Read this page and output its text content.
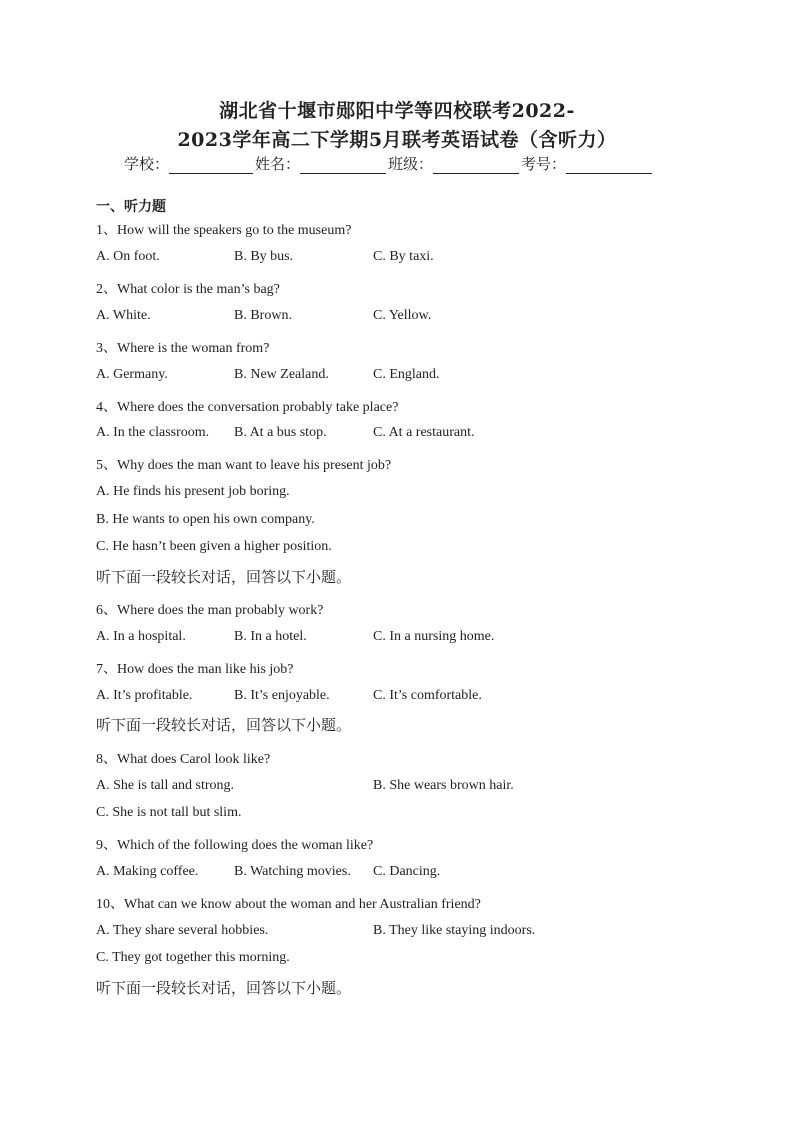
湖北省十堰市郧阳中学等四校联考2022-
2023学年高二下学期5月联考英语试卷（含听力）
学校：	姓名：	班级：	考号：
一、听力题
1、How will the speakers go to the museum?
A. On foot.	B. By bus.	C. By taxi.
2、What color is the man’s bag?
A. White.	B. Brown.	C. Yellow.
3、Where is the woman from?
A. Germany.	B. New Zealand.	C. England.
4、Where does the conversation probably take place?
A. In the classroom. B. At a bus stop.	C. At a restaurant.
5、Why does the man want to leave his present job?
A. He finds his present job boring.
B. He wants to open his own company.
C. He hasn’t been given a higher position.
听下面一段较长对话，回答以下小题。
6、Where does the man probably work?
A. In a hospital.	B. In a hotel.	C. In a nursing home.
7、How does the man like his job?
A. It’s profitable.	B. It’s enjoyable.	C. It’s comfortable.
听下面一段较长对话，回答以下小题。
8、What does Carol look like?
A. She is tall and strong.	B. She wears brown hair.
C. She is not tall but slim.
9、Which of the following does the woman like?
A. Making coffee.	B. Watching movies. C. Dancing.
10、What can we know about the woman and her Australian friend?
A. They share several hobbies.	B. They like staying indoors.
C. They got together this morning.
听下面一段较长对话，回答以下小题。
